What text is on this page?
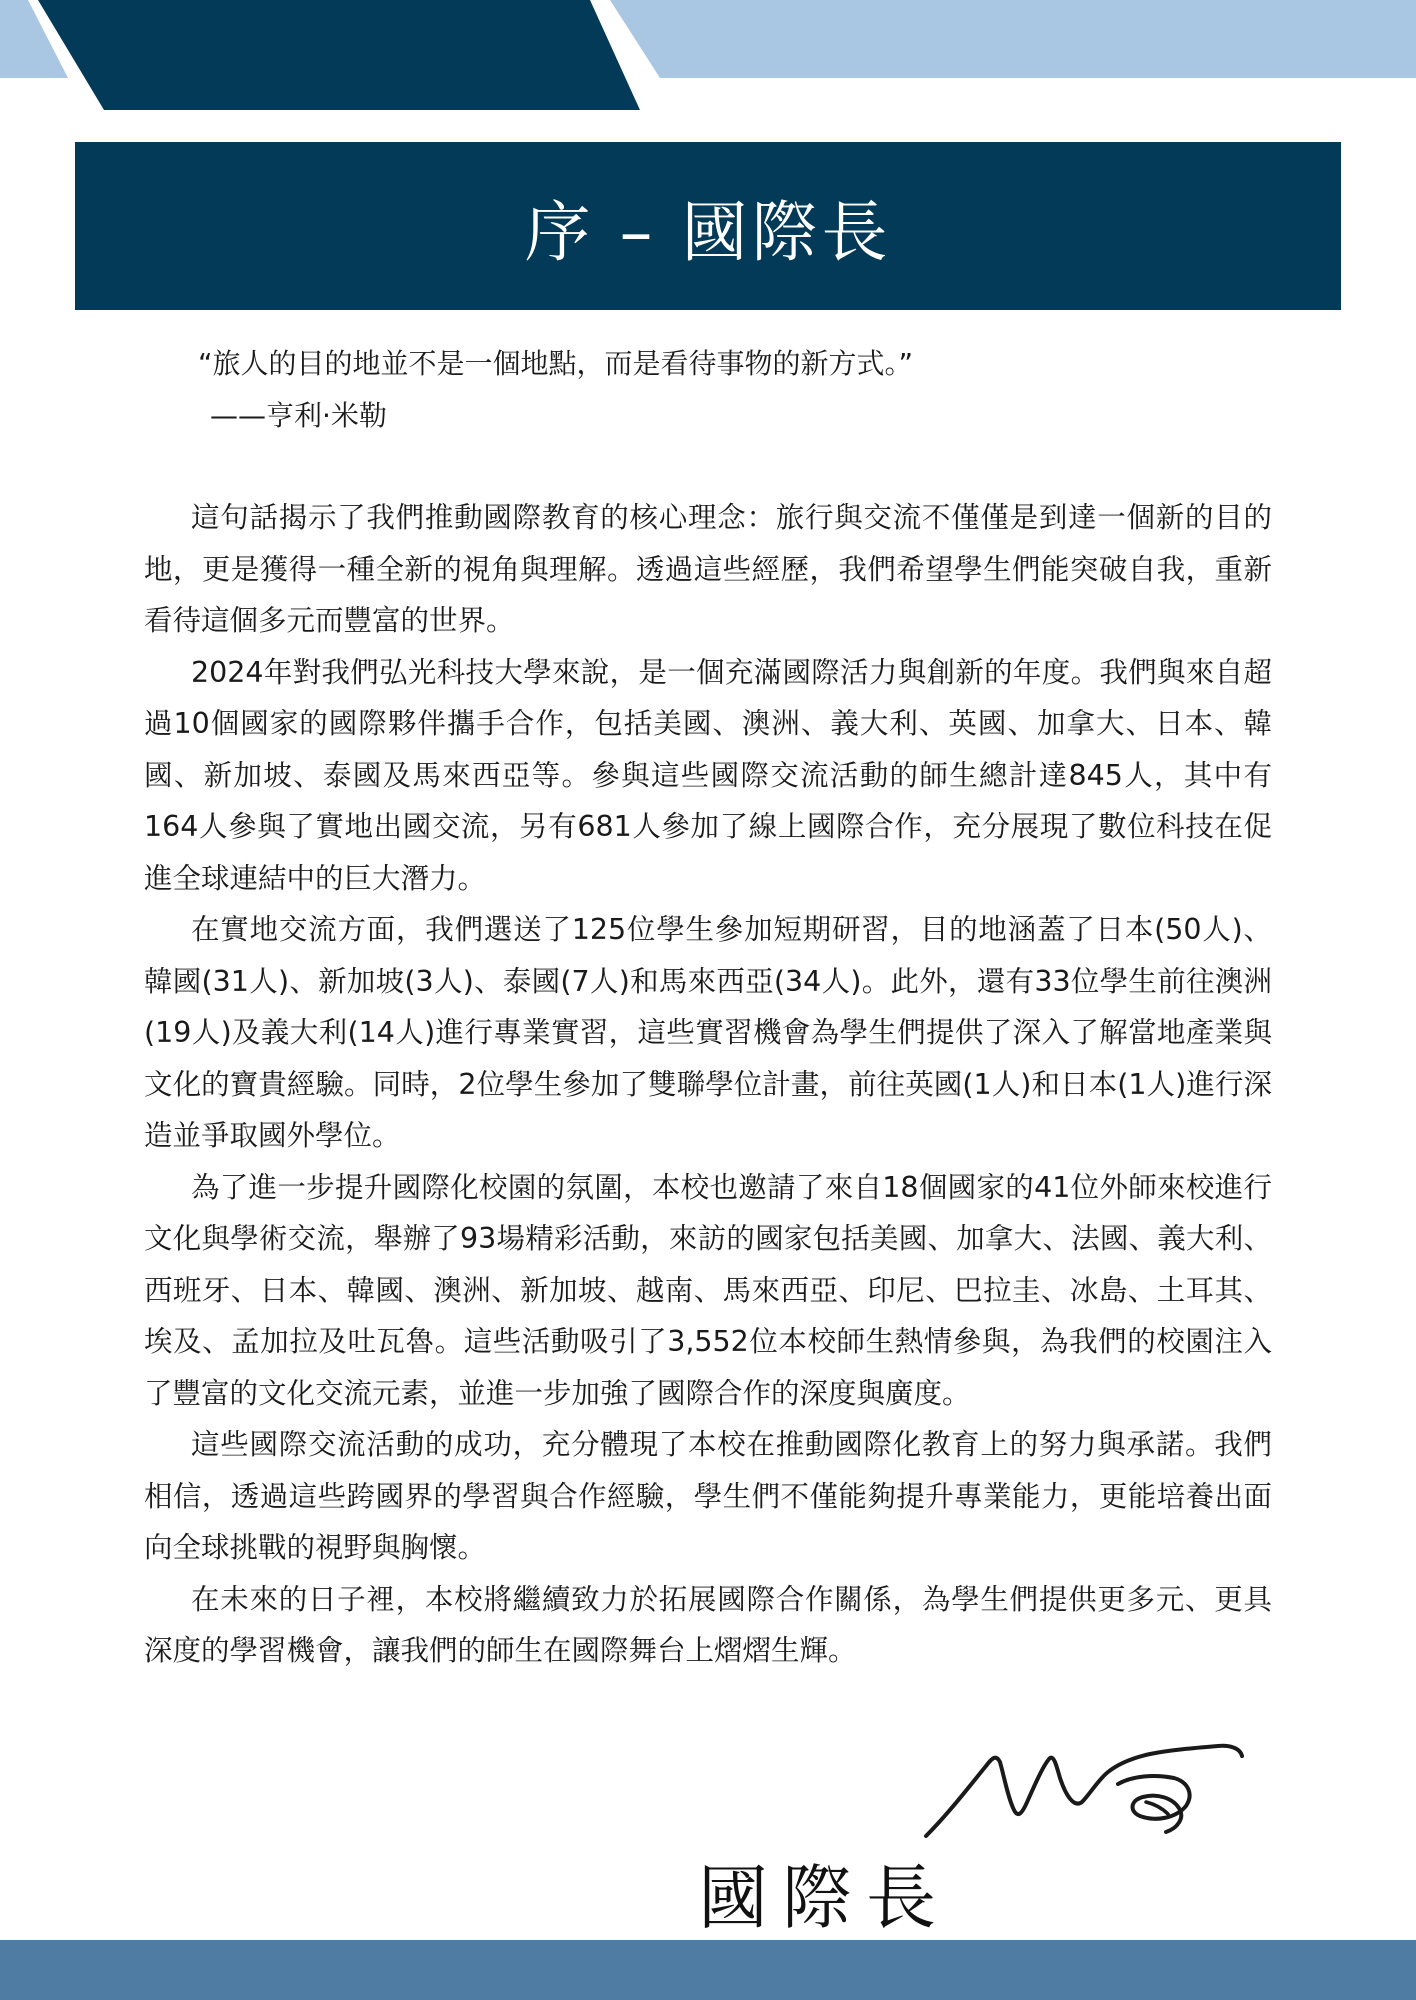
序 – 國際長
“旅人的目的地並不是一個地點，而是看待事物的新方式。”
——亨利·米勒

這句話揭示了我們推動國際教育的核心理念：旅行與交流不僅僅是到達一個新的目的地，更是獲得一種全新的視角與理解。透過這些經歷，我們希望學生們能突破自我，重新看待這個多元而豐富的世界。

2024年對我們弘光科技大學來說，是一個充滿國際活力與創新的年度。我們與來自超過10個國家的國際夥伴攜手合作，包括美國、澳洲、義大利、英國、加拿大、日本、韓國、新加坡、泰國及馬來西亞等。參與這些國際交流活動的師生總計達845人，其中有164人參與了實地出國交流，另有681人參加了線上國際合作，充分展現了數位科技在促進全球連結中的巨大潛力。

在實地交流方面，我們選送了125位學生參加短期研習，目的地涵蓋了日本(50人)、韓國(31人)、新加坡(3人)、泰國(7人)和馬來西亞(34人)。此外，還有33位學生前往澳洲(19人)及義大利(14人)進行專業實習，這些實習機會為學生們提供了深入了解當地產業與文化的寶貴經驗。同時，2位學生參加了雙聯學位計畫，前往英國(1人)和日本(1人)進行深造並爭取國外學位。

為了進一步提升國際化校園的氛圍，本校也邀請了來自18個國家的41位外師來校進行文化與學術交流，舉辦了93場精彩活動，來訪的國家包括美國、加拿大、法國、義大利、西班牙、日本、韓國、澳洲、新加坡、越南、馬來西亞、印尼、巴拉圭、冰島、土耳其、埃及、孟加拉及吐瓦魯。這些活動吸引了3,552位本校師生熱情參與，為我們的校園注入了豐富的文化交流元素，並進一步加強了國際合作的深度與廣度。

這些國際交流活動的成功，充分體現了本校在推動國際化教育上的努力與承諾。我們相信，透過這些跨國界的學習與合作經驗，學生們不僅能夠提升專業能力，更能培養出面向全球挑戰的視野與胸懷。

在未來的日子裡，本校將繼續致力於拓展國際合作關係，為學生們提供更多元、更具深度的學習機會，讓我們的師生在國際舞台上熠熠生輝。

國際長
